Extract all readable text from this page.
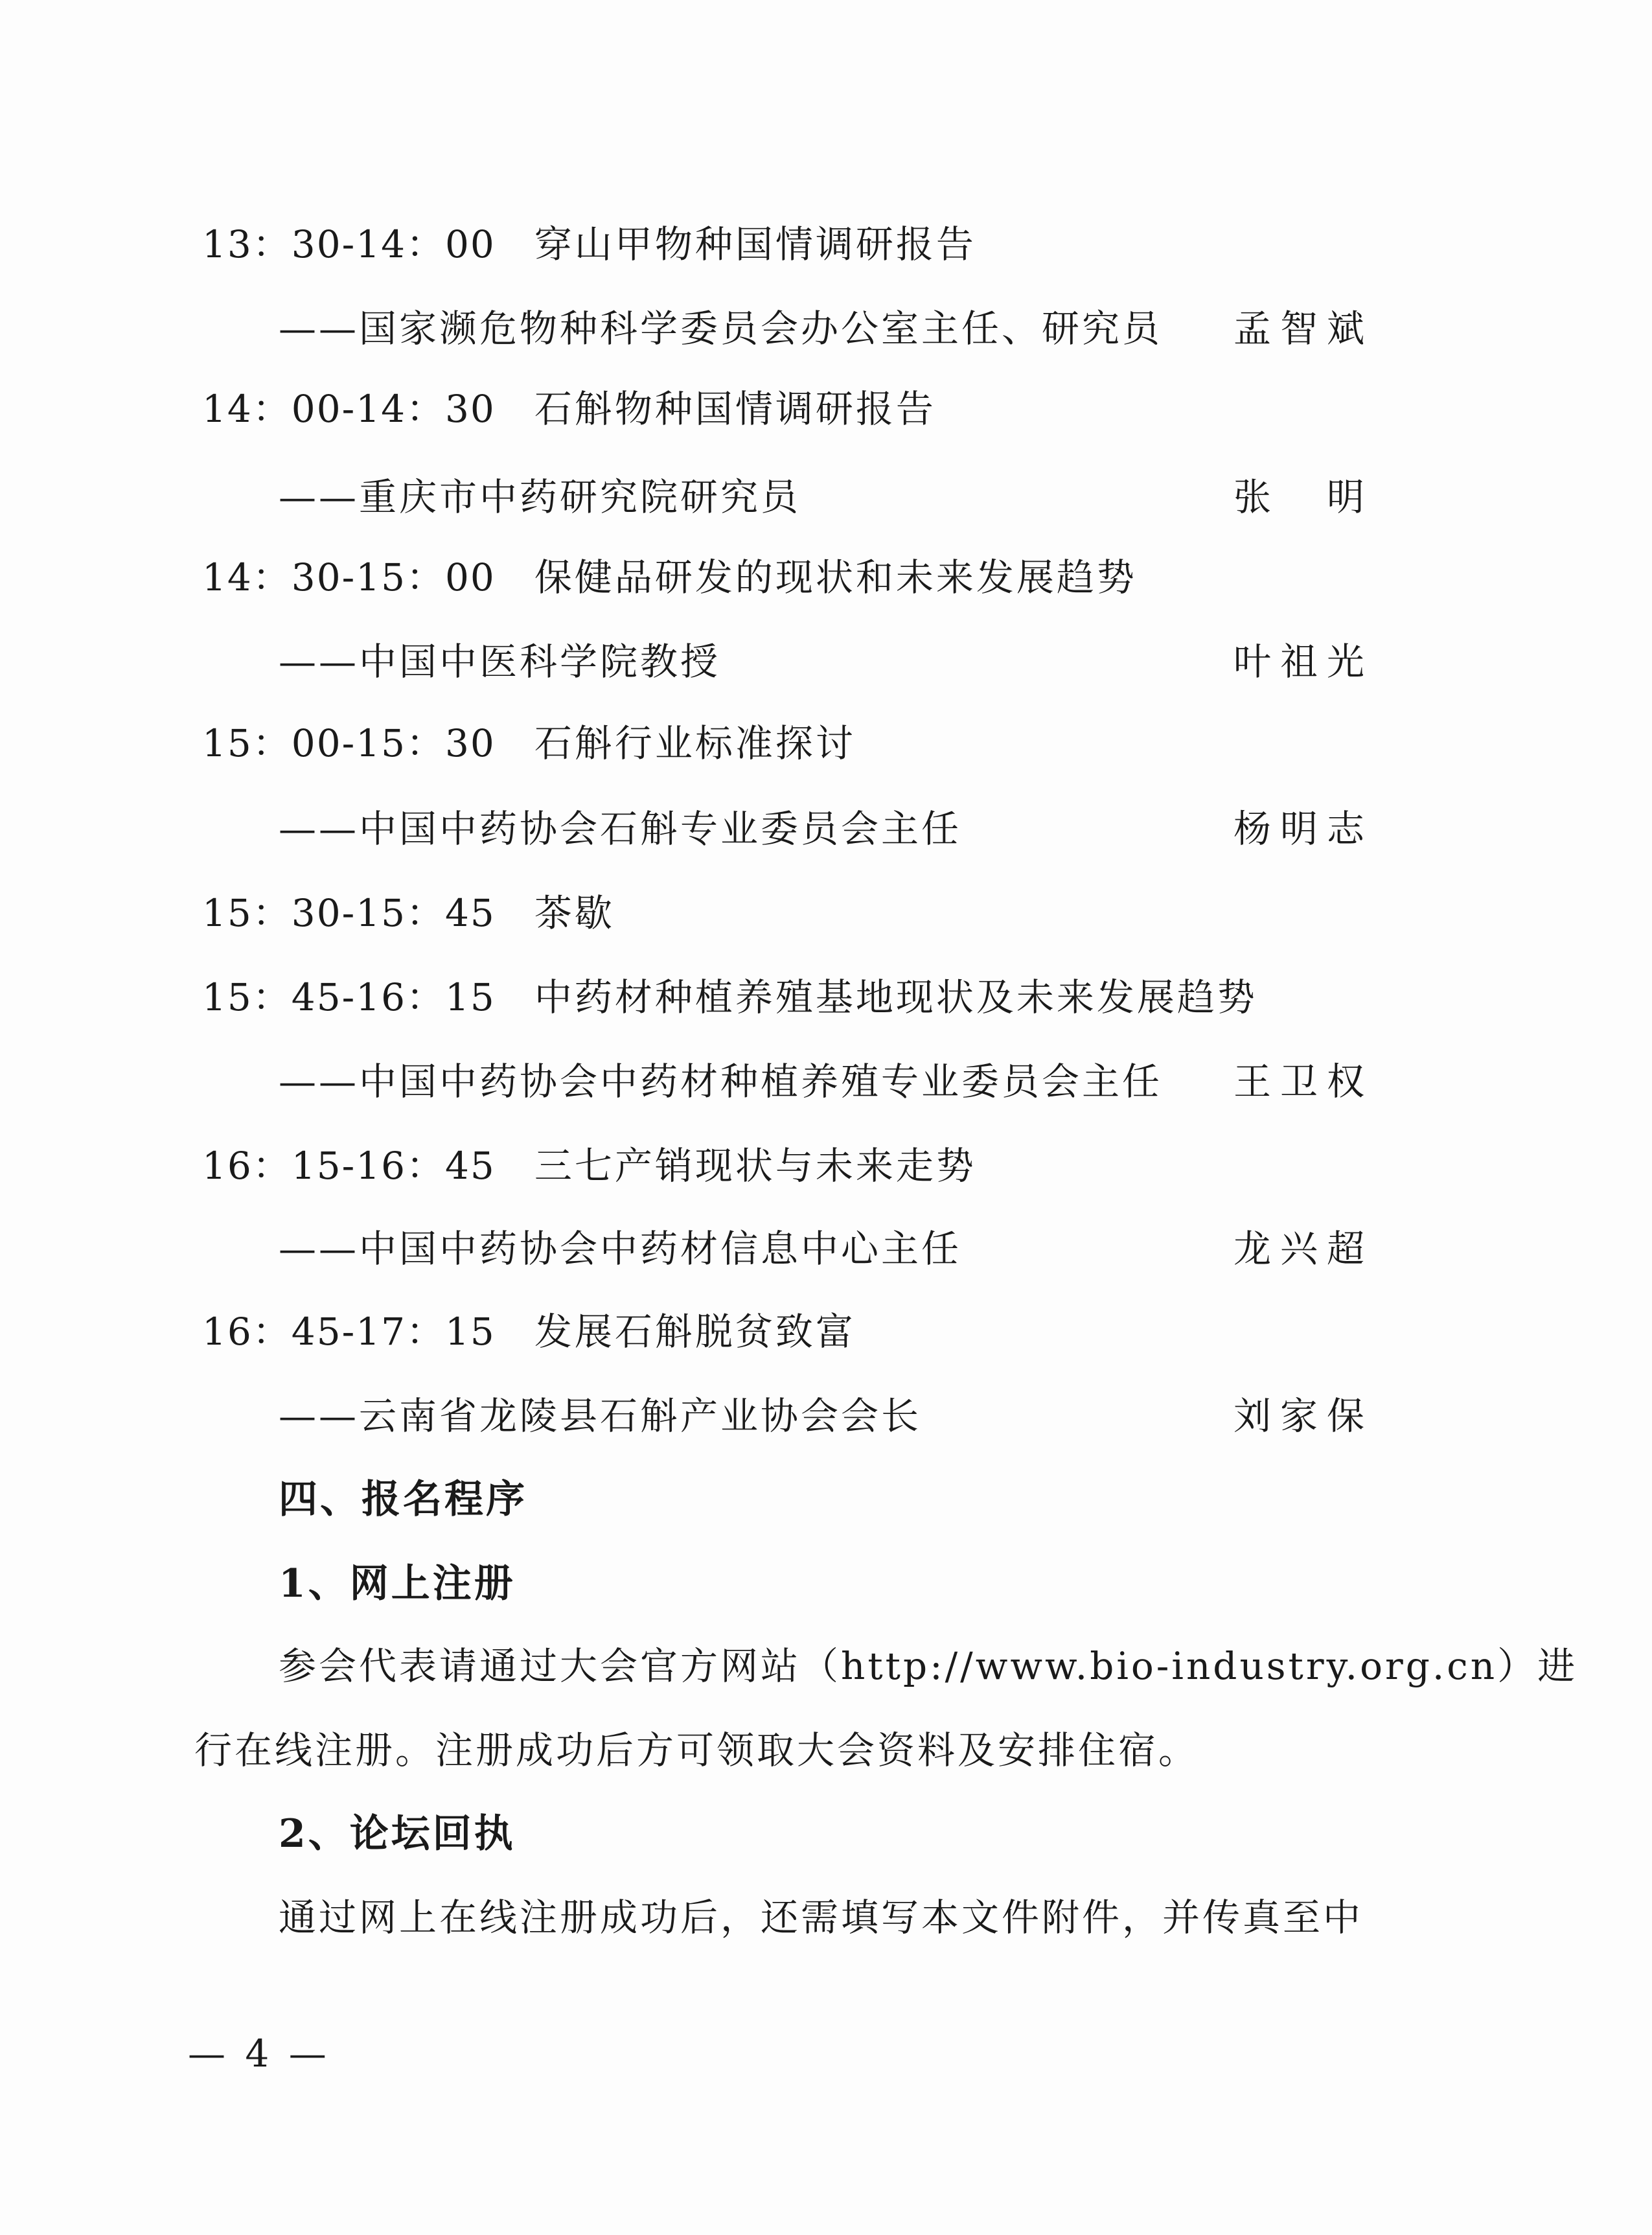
13：30-14：00 穿山甲物种国情调研报告
——国家濒危物种科学委员会办公室主任、研究员 孟智斌
14：00-14：30 石斛物种国情调研报告
——重庆市中药研究院研究员	张　明
14：30-15：00 保健品研发的现状和未来发展趋势
——中国中医科学院教授	叶祖光
15：00-15：30 石斛行业标准探讨
——中国中药协会石斛专业委员会主任	杨明志
15：30-15：45 茶歇
15：45-16：15 中药材种植养殖基地现状及未来发展趋势
——中国中药协会中药材种植养殖专业委员会主任 王卫权
16：15-16：45 三七产销现状与未来走势
——中国中药协会中药材信息中心主任	龙兴超
16：45-17：15 发展石斛脱贫致富
——云南省龙陵县石斛产业协会会长	刘家保
四、报名程序
1、网上注册
参会代表请通过大会官方网站（http://www.bio-industry.org.cn）进
行在线注册。注册成功后方可领取大会资料及安排住宿。
2、论坛回执
通过网上在线注册成功后，还需填写本文件附件，并传真至中
— 4 —
